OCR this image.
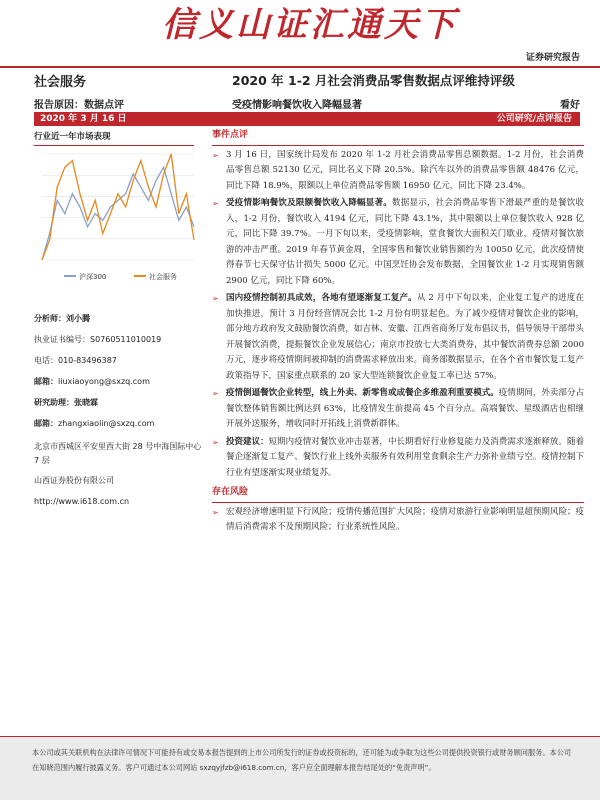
信义山证汇通天下
证券研究报告
社会服务	2020 年 1-2 月社会消费品零售数据点评维持评级
报告原因：数据点评	受疫情影响餐饮收入降幅显著	看好
2020 年 3 月 16 日	公司研究/点评报告
行业近一年市场表现
沪深300	社会服务
分析师：刘小腾
执业证书编号：S0760511010019
电话：010-83496387
邮箱：liuxiaoyong@sxzq.com
研究助理：张晓霖
邮箱：zhangxiaolin@sxzq.com
北京市西城区平安里西大街 28 号中海国际中心 7 层
山西证券股份有限公司
http://www.i618.com.cn
事件点评
➢ 3 月 16 日，国家统计局发布 2020 年 1-2 月社会消费品零售总额数据。1-2 月份，社会消费品零售总额 52130 亿元，同比名义下降 20.5%。除汽车以外的消费品零售额 48476 亿元，同比下降 18.9%，限额以上单位消费品零售额 16950 亿元，同比下降 23.4%。
➢ 受疫情影响餐饮及限额餐饮收入降幅显著。数据显示，社会消费品零售下滑最严重的是餐饮收入，1-2 月份，餐饮收入 4194 亿元，同比下降 43.1%，其中限额以上单位餐饮收入 928 亿元，同比下降 39.7%。一月下旬以来，受疫情影响，堂食餐饮大面积关门歇业，疫情对餐饮旅游的冲击严重。2019 年春节黄金周，全国零售和餐饮业销售额约为 10050 亿元，此次疫情使得春节七天保守估计损失 5000 亿元。中国烹饪协会发布数据，全国餐饮业 1-2 月实现销售额 2900 亿元，同比下降 60%。
➢ 国内疫情控制初具成效，各地有望逐渐复工复产。从 2 月中下旬以来，企业复工复产的进度在加快推进，预计 3 月份经营情况会比 1-2 月份有明显起色。为了减少疫情对餐饮企业的影响，部分地方政府发文鼓励餐饮消费，如吉林、安徽、江西省商务厅发布倡议书，倡导领导干部带头开展餐饮消费，提振餐饮企业发展信心；南京市投放七大类消费券，其中餐饮消费券总额 2000 万元，逐步将疫情期间被抑制的消费需求释放出来。商务部数据显示，在各个省市餐饮复工复产政策指导下，国家重点联系的 20 家大型连锁餐饮企业复工率已达 57%。
➢ 疫情倒逼餐饮企业转型，线上外卖、新零售或成餐企多维盈利重要模式。疫情期间，外卖部分占餐饮整体销售额比例达到 63%，比疫情发生前提高 45 个百分点。高端餐饮、星级酒店也相继开展外送服务，增收同时开拓线上消费新群体。
➢ 投资建议：短期内疫情对餐饮业冲击显著，中长期看好行业修复能力及消费需求逐渐释放。随着餐企逐渐复工复产、餐饮行业上线外卖服务有效利用堂食剩余生产力弥补业绩亏空。疫情控制下行业有望逐渐实现业绩复苏。
存在风险
➢ 宏观经济增速明显下行风险；疫情传播范围扩大风险；疫情对旅游行业影响明显超预期风险；疫情后消费需求不及预期风险；行业系统性风险。

本公司或其关联机构在法律许可情况下可能持有或交易本报告提到的上市公司所发行的证券或投资标的，还可能为或争取为这些公司提供投资银行或财务顾问服务。本公司在知晓范围内履行披露义务。客户可通过本公司网站 sxzqyjfzb@i618.com.cn，客户应全面理解本报告结尾处的“免责声明”。
